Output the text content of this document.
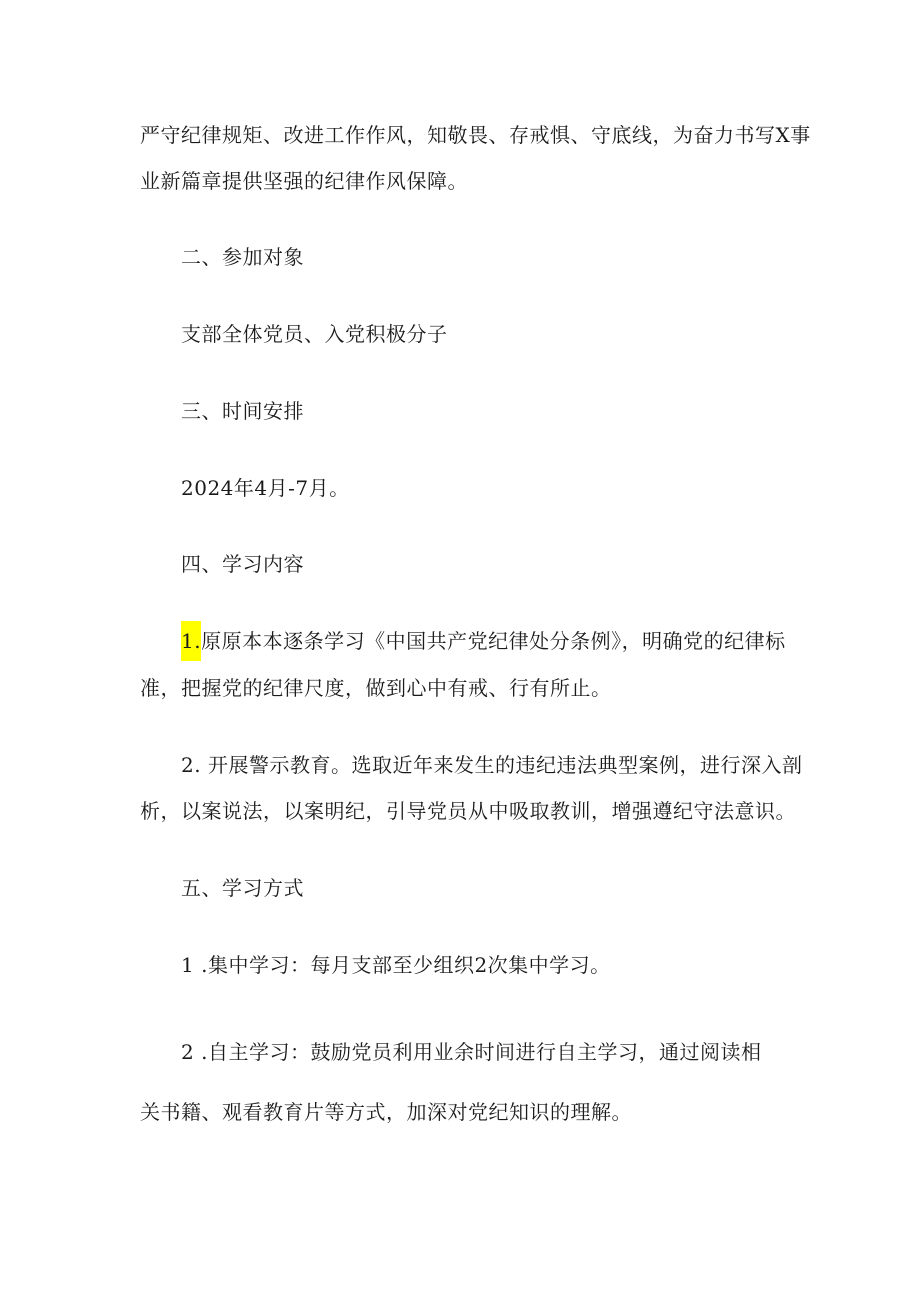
严守纪律规矩、改进工作作风，知敬畏、存戒惧、守底线，为奋力书写X事
业新篇章提供坚强的纪律作风保障。
二、参加对象
支部全体党员、入党积极分子
三、时间安排
2024年4月-7月。
四、学习内容
1.原原本本逐条学习《中国共产党纪律处分条例》，明确党的纪律标
准，把握党的纪律尺度，做到心中有戒、行有所止。
2. 开展警示教育。选取近年来发生的违纪违法典型案例，进行深入剖
析，以案说法，以案明纪，引导党员从中吸取教训，增强遵纪守法意识。
五、学习方式
1 .集中学习：每月支部至少组织2次集中学习。
2 .自主学习：鼓励党员利用业余时间进行自主学习，通过阅读相
关书籍、观看教育片等方式，加深对党纪知识的理解。
